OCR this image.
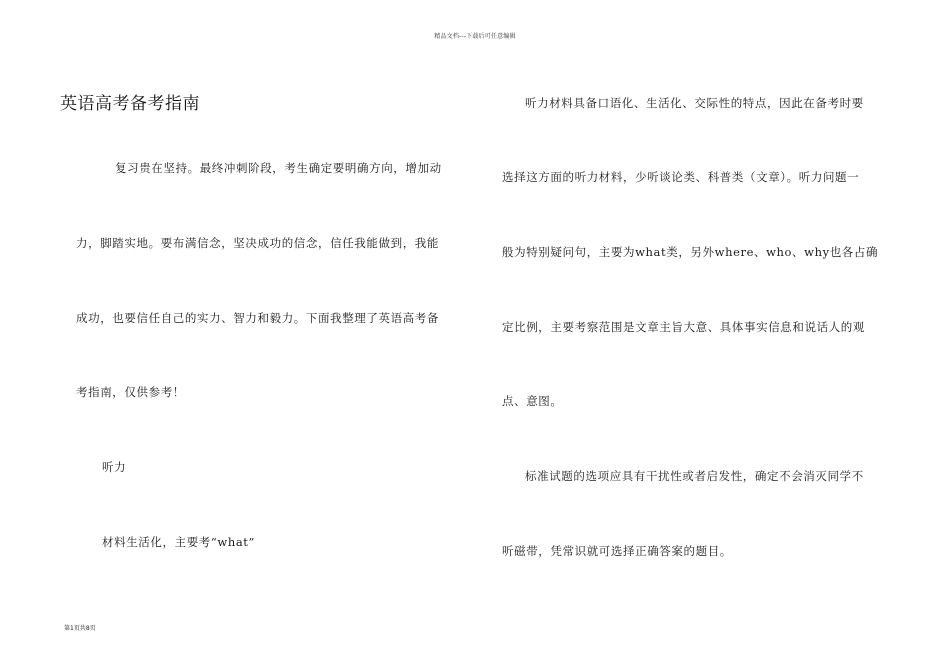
精品文档---下载后可任意编辑
英语高考备考指南
复习贵在坚持。最终冲刺阶段，考生确定要明确方向，增加动
力，脚踏实地。要布满信念，坚决成功的信念，信任我能做到，我能
成功，也要信任自己的实力、智力和毅力。下面我整理了英语高考备
考指南，仅供参考！
听力
材料生活化，主要考“what”
听力材料具备口语化、生活化、交际性的特点，因此在备考时要
选择这方面的听力材料，少听谈论类、科普类（文章）。听力问题一
般为特别疑问句，主要为what类，另外where、who、why也各占确
定比例，主要考察范围是文章主旨大意、具体事实信息和说话人的观
点、意图。
标准试题的选项应具有干扰性或者启发性，确定不会消灭同学不
听磁带，凭常识就可选择正确答案的题目。
第1页共8页
